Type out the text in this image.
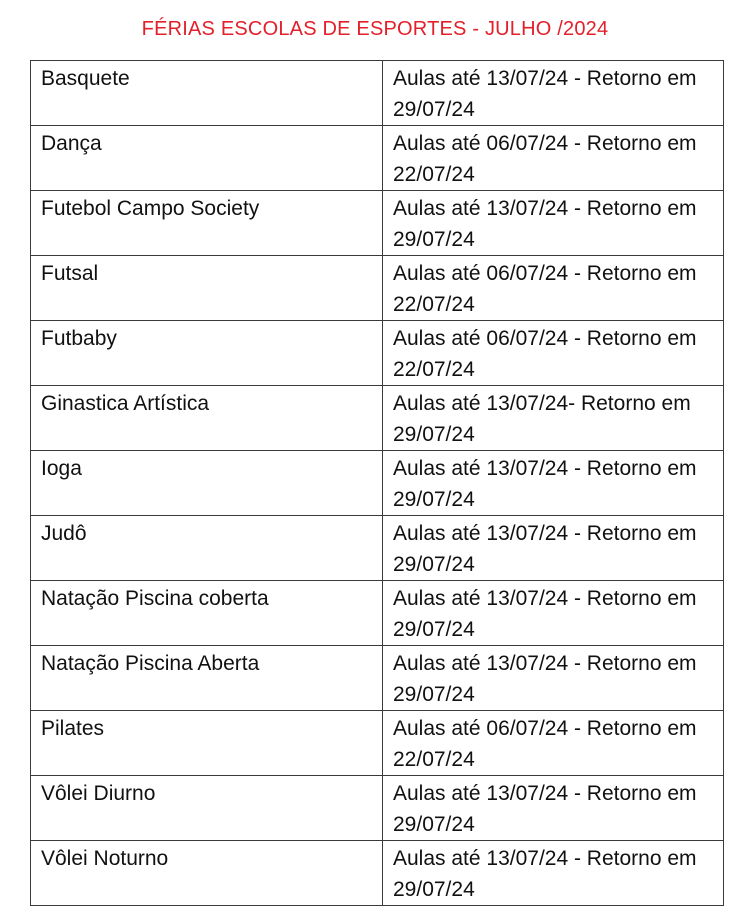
FÉRIAS ESCOLAS DE ESPORTES - JULHO /2024
Basquete	Aulas até 13/07/24 - Retorno em 29/07/24
Dança	Aulas até 06/07/24 - Retorno em 22/07/24
Futebol Campo Society	Aulas até 13/07/24 - Retorno em 29/07/24
Futsal	Aulas até 06/07/24 - Retorno em 22/07/24
Futbaby	Aulas até 06/07/24 - Retorno em 22/07/24
Ginastica Artística	Aulas até 13/07/24- Retorno em 29/07/24
Ioga	Aulas até 13/07/24 - Retorno em 29/07/24
Judô	Aulas até 13/07/24 - Retorno em 29/07/24
Natação Piscina coberta	Aulas até 13/07/24 - Retorno em 29/07/24
Natação Piscina Aberta	Aulas até 13/07/24 - Retorno em 29/07/24
Pilates	Aulas até 06/07/24 - Retorno em 22/07/24
Vôlei Diurno	Aulas até 13/07/24 - Retorno em 29/07/24
Vôlei Noturno	Aulas até 13/07/24 - Retorno em 29/07/24
